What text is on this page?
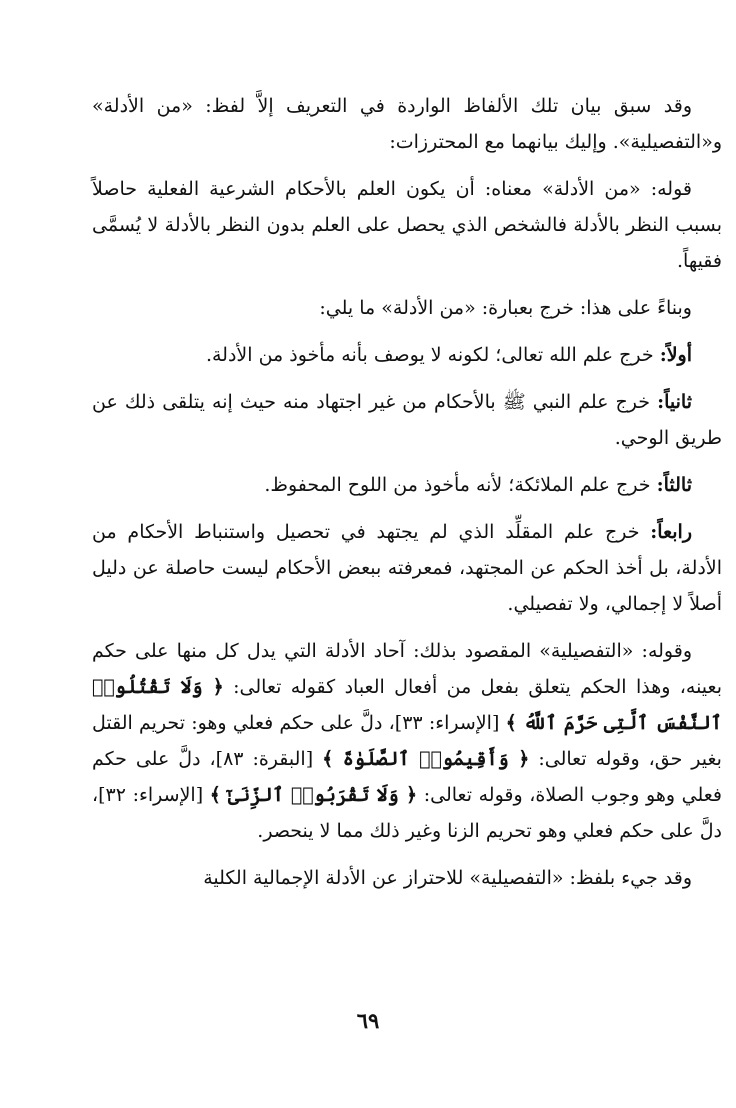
وقد سبق بيان تلك الألفاظ الواردة في التعريف إلاَّ لفظ: «من الأدلة» و«التفصيلية». وإليك بيانهما مع المحترزات:

قوله: «من الأدلة» معناه: أن يكون العلم بالأحكام الشرعية الفعلية حاصلاً بسبب النظر بالأدلة فالشخص الذي يحصل على العلم بدون النظر بالأدلة لا يُسمَّى فقيهاً.

وبناءً على هذا: خرج بعبارة: «من الأدلة» ما يلي:

أولاً: خرج علم الله تعالى؛ لكونه لا يوصف بأنه مأخوذ من الأدلة.

ثانياً: خرج علم النبي ﷺ بالأحكام من غير اجتهاد منه حيث إنه يتلقى ذلك عن طريق الوحي.

ثالثاً: خرج علم الملائكة؛ لأنه مأخوذ من اللوح المحفوظ.

رابعاً: خرج علم المقلِّد الذي لم يجتهد في تحصيل واستنباط الأحكام من الأدلة، بل أخذ الحكم عن المجتهد، فمعرفته ببعض الأحكام ليست حاصلة عن دليل أصلاً لا إجمالي، ولا تفصيلي.

وقوله: «التفصيلية» المقصود بذلك: آحاد الأدلة التي يدل كل منها على حكم بعينه، وهذا الحكم يتعلق بفعل من أفعال العباد كقوله تعالى: ﴿ وَلَا تَقْتُلُوا۟ ٱلنَّفْسَ ٱلَّتِى حَرَّمَ ٱللَّهُ ﴾ [الإسراء: ٣٣]، دلَّ على حكم فعلي وهو: تحريم القتل بغير حق، وقوله تعالى: ﴿ وَأَقِيمُوا۟ ٱلصَّلَوٰةَ ﴾ [البقرة: ٨٣]، دلَّ على حكم فعلي وهو وجوب الصلاة، وقوله تعالى: ﴿ وَلَا تَقْرَبُوا۟ ٱلزِّنَىٰٓ ﴾ [الإسراء: ٣٢]، دلَّ على حكم فعلي وهو تحريم الزنا وغير ذلك مما لا ينحصر.

وقد جيء بلفظ: «التفصيلية» للاحتراز عن الأدلة الإجمالية الكلية

٦٩
